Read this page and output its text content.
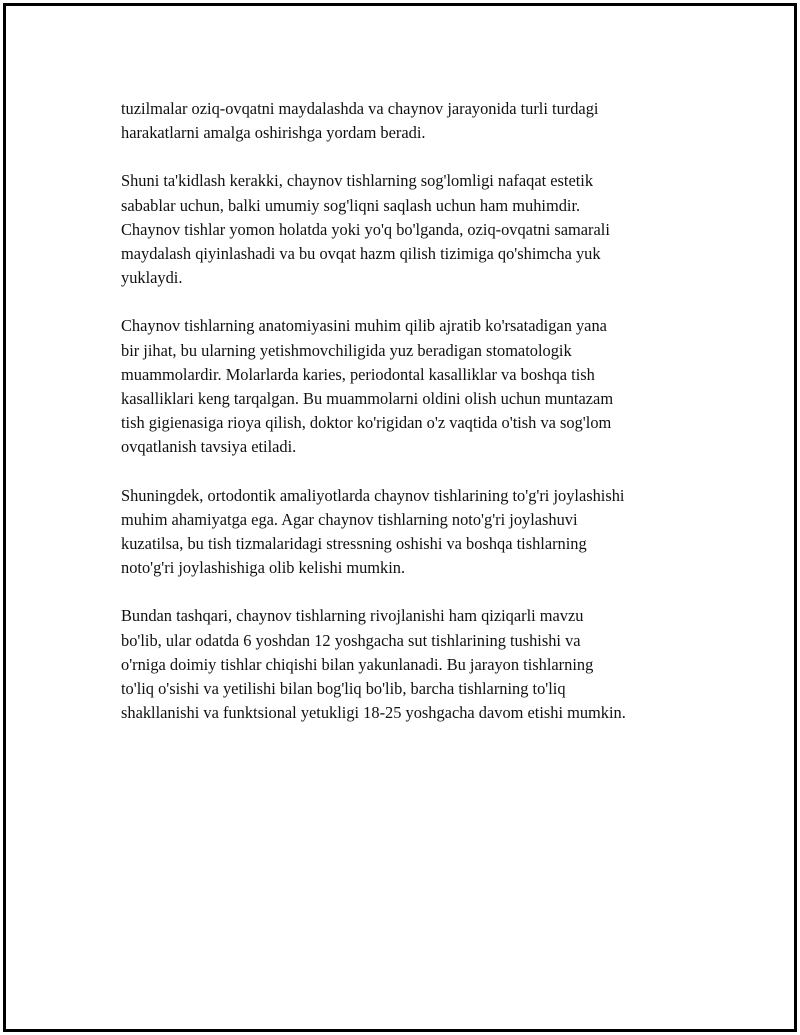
tuzilmalar oziq-ovqatni maydalashda va chaynov jarayonida turli turdagi
harakatlarni amalga oshirishga yordam beradi.

Shuni ta'kidlash kerakki, chaynov tishlarning sog'lomligi nafaqat estetik
sabablar uchun, balki umumiy sog'liqni saqlash uchun ham muhimdir.
Chaynov tishlar yomon holatda yoki yo'q bo'lganda, oziq-ovqatni samarali
maydalash qiyinlashadi va bu ovqat hazm qilish tizimiga qo'shimcha yuk
yuklaydi.

Chaynov tishlarning anatomiyasini muhim qilib ajratib ko'rsatadigan yana
bir jihat, bu ularning yetishmovchiligida yuz beradigan stomatologik
muammolardir. Molarlarda karies, periodontal kasalliklar va boshqa tish
kasalliklari keng tarqalgan. Bu muammolarni oldini olish uchun muntazam
tish gigienasiga rioya qilish, doktor ko'rigidan o'z vaqtida o'tish va sog'lom
ovqatlanish tavsiya etiladi.

Shuningdek, ortodontik amaliyotlarda chaynov tishlarining to'g'ri joylashishi
muhim ahamiyatga ega. Agar chaynov tishlarning noto'g'ri joylashuvi
kuzatilsa, bu tish tizmalaridagi stressning oshishi va boshqa tishlarning
noto'g'ri joylashishiga olib kelishi mumkin.

Bundan tashqari, chaynov tishlarning rivojlanishi ham qiziqarli mavzu
bo'lib, ular odatda 6 yoshdan 12 yoshgacha sut tishlarining tushishi va
o'rniga doimiy tishlar chiqishi bilan yakunlanadi. Bu jarayon tishlarning
to'liq o'sishi va yetilishi bilan bog'liq bo'lib, barcha tishlarning to'liq
shakllanishi va funktsional yetukligi 18-25 yoshgacha davom etishi mumkin.
